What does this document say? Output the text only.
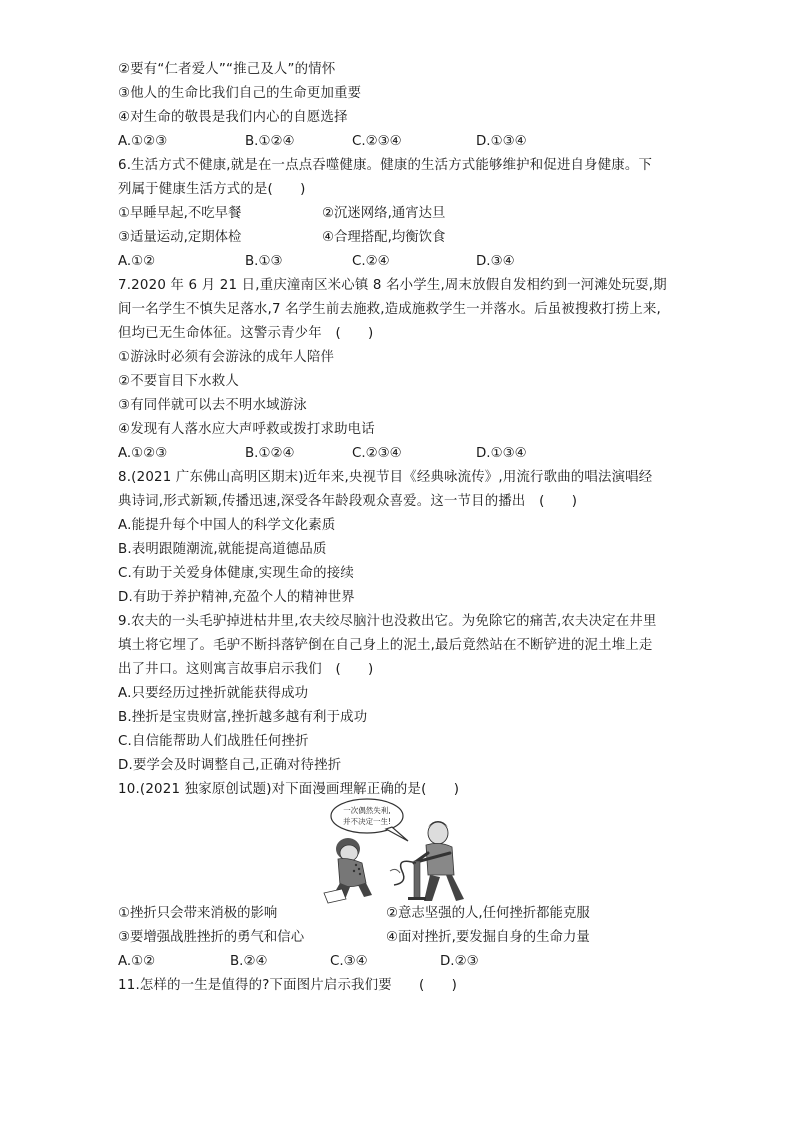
②要有“仁者爱人”“推己及人”的情怀
③他人的生命比我们自己的生命更加重要
④对生命的敬畏是我们内心的自愿选择
A.①②③	B.①②④	C.②③④	D.①③④
6.生活方式不健康,就是在一点点吞噬健康。健康的生活方式能够维护和促进自身健康。下
列属于健康生活方式的是(　　)
①早睡早起,不吃早餐	②沉迷网络,通宵达旦
③适量运动,定期体检	④合理搭配,均衡饮食
A.①②	B.①③	C.②④	D.③④
7.2020 年 6 月 21 日,重庆潼南区米心镇 8 名小学生,周末放假自发相约到一河滩处玩耍,期
间一名学生不慎失足落水,7 名学生前去施救,造成施救学生一并落水。后虽被搜救打捞上来,
但均已无生命体征。这警示青少年　(　　)
①游泳时必须有会游泳的成年人陪伴
②不要盲目下水救人
③有同伴就可以去不明水域游泳
④发现有人落水应大声呼救或拨打求助电话
A.①②③	B.①②④	C.②③④	D.①③④
8.(2021 广东佛山高明区期末)近年来,央视节目《经典咏流传》,用流行歌曲的唱法演唱经
典诗词,形式新颖,传播迅速,深受各年龄段观众喜爱。这一节目的播出　(　　)
A.能提升每个中国人的科学文化素质
B.表明跟随潮流,就能提高道德品质
C.有助于关爱身体健康,实现生命的接续
D.有助于养护精神,充盈个人的精神世界
9.农夫的一头毛驴掉进枯井里,农夫绞尽脑汁也没救出它。为免除它的痛苦,农夫决定在井里
填土将它埋了。毛驴不断抖落铲倒在自己身上的泥土,最后竟然站在不断铲进的泥土堆上走
出了井口。这则寓言故事启示我们　(　　)
A.只要经历过挫折就能获得成功
B.挫折是宝贵财富,挫折越多越有利于成功
C.自信能帮助人们战胜任何挫折
D.要学会及时调整自己,正确对待挫折
10.(2021 独家原创试题)对下面漫画理解正确的是(　　)
一次偶然失利,
并不决定一生!
①挫折只会带来消极的影响	②意志坚强的人,任何挫折都能克服
③要增强战胜挫折的勇气和信心	④面对挫折,要发掘自身的生命力量
A.①②	B.②④	C.③④	D.②③
11.怎样的一生是值得的?下面图片启示我们要　　(　　)
